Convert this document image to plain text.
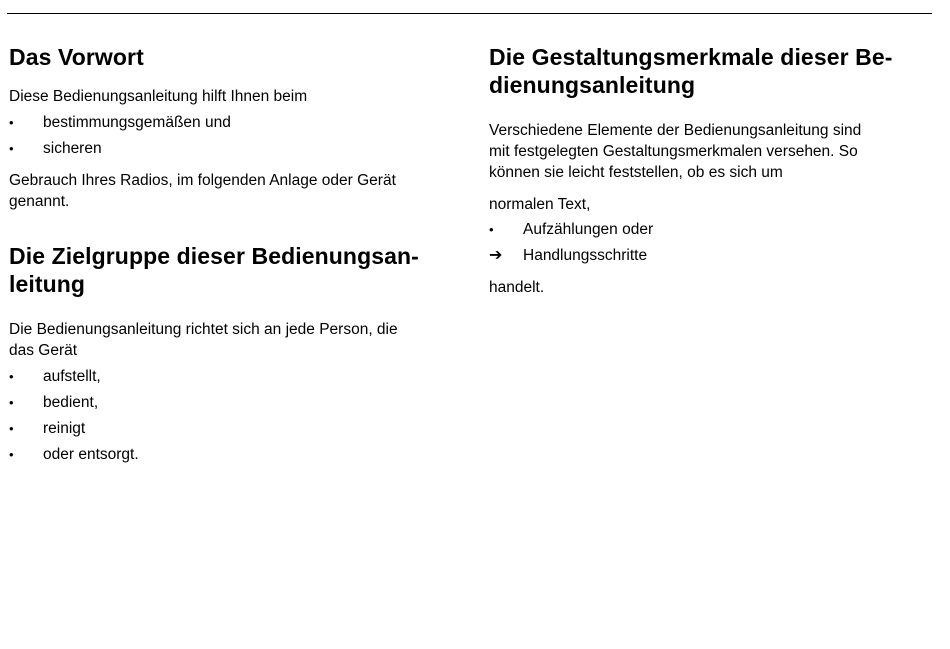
Das Vorwort

Diese Bedienungsanleitung hilft Ihnen beim

•	bestimmungsgemäßen und
•	sicheren

Gebrauch Ihres Radios, im folgenden Anlage oder Gerät genannt.

Die Zielgruppe dieser Bedienungsan-
leitung

Die Bedienungsanleitung richtet sich an jede Person, die
das Gerät

•	aufstellt,
•	bedient,
•	reinigt
•	oder entsorgt.
Die Gestaltungsmerkmale dieser Be-
dienungsanleitung

Verschiedene Elemente der Bedienungsanleitung sind
mit festgelegten Gestaltungsmerkmalen versehen. So
können sie leicht feststellen, ob es sich um

normalen Text,

•	Aufzählungen oder
➔	Handlungsschritte

handelt.
